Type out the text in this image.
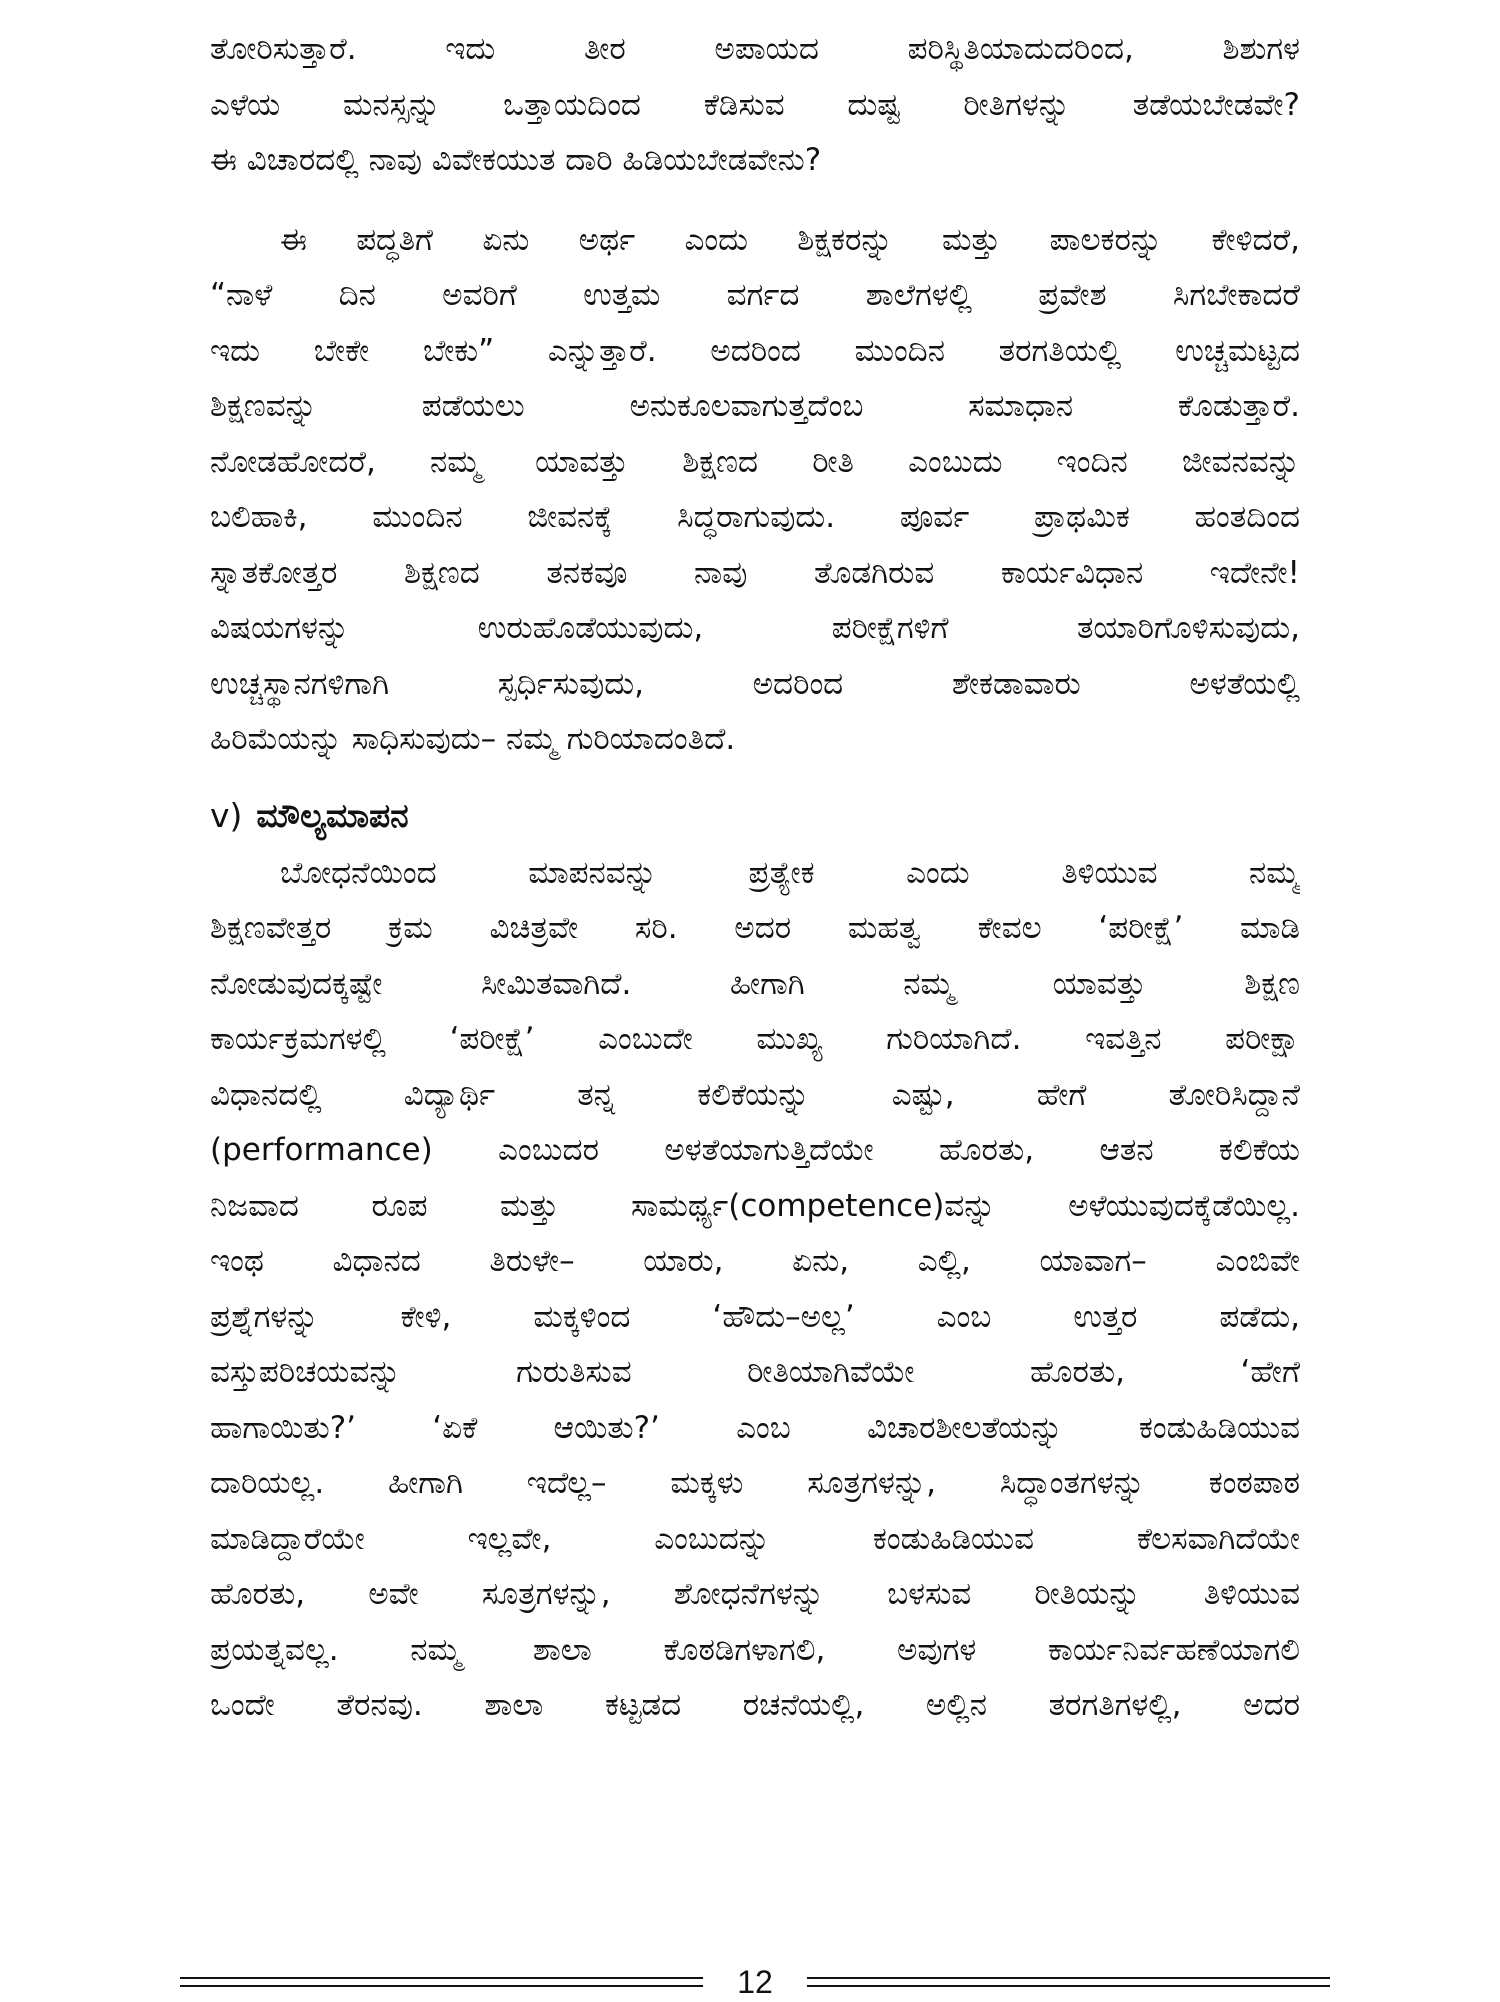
ತೋರಿಸುತ್ತಾರೆ. ಇದು ತೀರ ಅಪಾಯದ ಪರಿಸ್ಥಿತಿಯಾದುದರಿಂದ, ಶಿಶುಗಳ
ಎಳೆಯ ಮನಸ್ಸನ್ನು ಒತ್ತಾಯದಿಂದ ಕೆಡಿಸುವ ದುಷ್ಟ ರೀತಿಗಳನ್ನು ತಡೆಯಬೇಡವೇ?
ಈ ವಿಚಾರದಲ್ಲಿ ನಾವು ವಿವೇಕಯುತ ದಾರಿ ಹಿಡಿಯಬೇಡವೇನು?
ಈ ಪದ್ಧತಿಗೆ ಏನು ಅರ್ಥ ಎಂದು ಶಿಕ್ಷಕರನ್ನು ಮತ್ತು ಪಾಲಕರನ್ನು ಕೇಳಿದರೆ,
“ನಾಳೆ ದಿನ ಅವರಿಗೆ ಉತ್ತಮ ವರ್ಗದ ಶಾಲೆಗಳಲ್ಲಿ ಪ್ರವೇಶ ಸಿಗಬೇಕಾದರೆ
ಇದು ಬೇಕೇ ಬೇಕು” ಎನ್ನುತ್ತಾರೆ. ಅದರಿಂದ ಮುಂದಿನ ತರಗತಿಯಲ್ಲಿ ಉಚ್ಚಮಟ್ಟದ
ಶಿಕ್ಷಣವನ್ನು ಪಡೆಯಲು ಅನುಕೂಲವಾಗುತ್ತದೆಂಬ ಸಮಾಧಾನ ಕೊಡುತ್ತಾರೆ.
ನೋಡಹೋದರೆ, ನಮ್ಮ ಯಾವತ್ತು ಶಿಕ್ಷಣದ ರೀತಿ ಎಂಬುದು ಇಂದಿನ ಜೀವನವನ್ನು
ಬಲಿಹಾಕಿ, ಮುಂದಿನ ಜೀವನಕ್ಕೆ ಸಿದ್ಧರಾಗುವುದು. ಪೂರ್ವ ಪ್ರಾಥಮಿಕ ಹಂತದಿಂದ
ಸ್ನಾತಕೋತ್ತರ ಶಿಕ್ಷಣದ ತನಕವೂ ನಾವು ತೊಡಗಿರುವ ಕಾರ್ಯವಿಧಾನ ಇದೇನೇ!
ವಿಷಯಗಳನ್ನು ಉರುಹೊಡೆಯುವುದು, ಪರೀಕ್ಷೆಗಳಿಗೆ ತಯಾರಿಗೊಳಿಸುವುದು,
ಉಚ್ಚಸ್ಥಾನಗಳಿಗಾಗಿ ಸ್ಪರ್ಧಿಸುವುದು, ಅದರಿಂದ ಶೇಕಡಾವಾರು ಅಳತೆಯಲ್ಲಿ
ಹಿರಿಮೆಯನ್ನು ಸಾಧಿಸುವುದು– ನಮ್ಮ ಗುರಿಯಾದಂತಿದೆ.
v) ಮೌಲ್ಯಮಾಪನ
ಬೋಧನೆಯಿಂದ ಮಾಪನವನ್ನು ಪ್ರತ್ಯೇಕ ಎಂದು ತಿಳಿಯುವ ನಮ್ಮ
ಶಿಕ್ಷಣವೇತ್ತರ ಕ್ರಮ ವಿಚಿತ್ರವೇ ಸರಿ. ಅದರ ಮಹತ್ವ ಕೇವಲ ‘ಪರೀಕ್ಷೆ’ ಮಾಡಿ
ನೋಡುವುದಕ್ಕಷ್ಟೇ ಸೀಮಿತವಾಗಿದೆ. ಹೀಗಾಗಿ ನಮ್ಮ ಯಾವತ್ತು ಶಿಕ್ಷಣ
ಕಾರ್ಯಕ್ರಮಗಳಲ್ಲಿ ‘ಪರೀಕ್ಷೆ’ ಎಂಬುದೇ ಮುಖ್ಯ ಗುರಿಯಾಗಿದೆ. ಇವತ್ತಿನ ಪರೀಕ್ಷಾ
ವಿಧಾನದಲ್ಲಿ ವಿದ್ಯಾರ್ಥಿ ತನ್ನ ಕಲಿಕೆಯನ್ನು ಎಷ್ಟು, ಹೇಗೆ ತೋರಿಸಿದ್ದಾನೆ
(performance) ಎಂಬುದರ ಅಳತೆಯಾಗುತ್ತಿದೆಯೇ ಹೊರತು, ಆತನ ಕಲಿಕೆಯ
ನಿಜವಾದ ರೂಪ ಮತ್ತು ಸಾಮರ್ಥ್ಯ(competence)ವನ್ನು ಅಳೆಯುವುದಕ್ಕೆಡೆಯಿಲ್ಲ.
ಇಂಥ ವಿಧಾನದ ತಿರುಳೇ– ಯಾರು, ಏನು, ಎಲ್ಲಿ, ಯಾವಾಗ– ಎಂಬಿವೇ
ಪ್ರಶ್ನೆಗಳನ್ನು ಕೇಳಿ, ಮಕ್ಕಳಿಂದ ‘ಹೌದು–ಅಲ್ಲ’ ಎಂಬ ಉತ್ತರ ಪಡೆದು,
ವಸ್ತುಪರಿಚಯವನ್ನು ಗುರುತಿಸುವ ರೀತಿಯಾಗಿವೆಯೇ ಹೊರತು, ‘ಹೇಗೆ
ಹಾಗಾಯಿತು?’ ‘ಏಕೆ ಆಯಿತು?’ ಎಂಬ ವಿಚಾರಶೀಲತೆಯನ್ನು ಕಂಡುಹಿಡಿಯುವ
ದಾರಿಯಲ್ಲ. ಹೀಗಾಗಿ ಇದೆಲ್ಲ– ಮಕ್ಕಳು ಸೂತ್ರಗಳನ್ನು, ಸಿದ್ಧಾಂತಗಳನ್ನು ಕಂಠಪಾಠ
ಮಾಡಿದ್ದಾರೆಯೇ ಇಲ್ಲವೇ, ಎಂಬುದನ್ನು ಕಂಡುಹಿಡಿಯುವ ಕೆಲಸವಾಗಿದೆಯೇ
ಹೊರತು, ಅವೇ ಸೂತ್ರಗಳನ್ನು, ಶೋಧನೆಗಳನ್ನು ಬಳಸುವ ರೀತಿಯನ್ನು ತಿಳಿಯುವ
ಪ್ರಯತ್ನವಲ್ಲ. ನಮ್ಮ ಶಾಲಾ ಕೊಠಡಿಗಳಾಗಲಿ, ಅವುಗಳ ಕಾರ್ಯನಿರ್ವಹಣೆಯಾಗಲಿ
ಒಂದೇ ತೆರನವು. ಶಾಲಾ ಕಟ್ಟಡದ ರಚನೆಯಲ್ಲಿ, ಅಲ್ಲಿನ ತರಗತಿಗಳಲ್ಲಿ, ಅದರ
12
